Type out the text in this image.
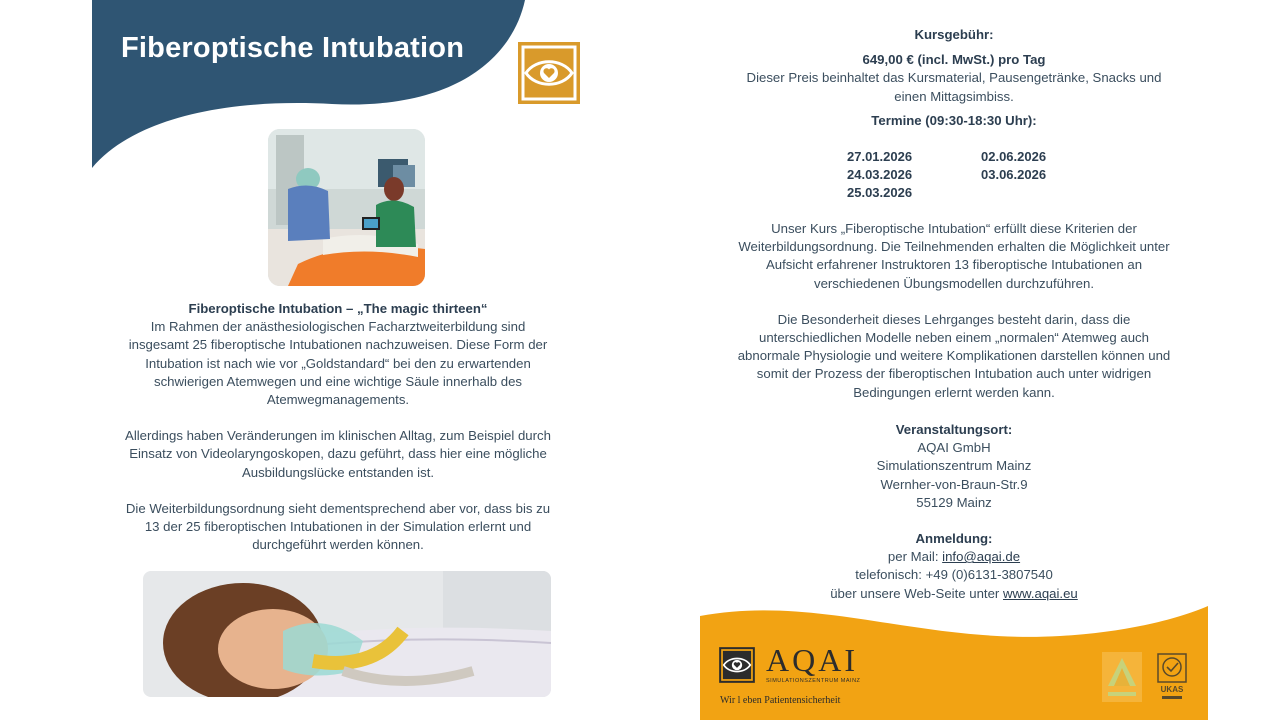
Fiberoptische Intubation

Fiberoptische Intubation – „The magic thirteen“
Im Rahmen der anästhesiologischen Facharztweiterbildung sind insgesamt 25 fiberoptische Intubationen nachzuweisen. Diese Form der Intubation ist nach wie vor „Goldstandard“ bei den zu erwartenden schwierigen Atemwegen und eine wichtige Säule innerhalb des Atemwegmanagements.

Allerdings haben Veränderungen im klinischen Alltag, zum Beispiel durch Einsatz von Videolaryngoskopen, dazu geführt, dass hier eine mögliche Ausbildungslücke entstanden ist.

Die Weiterbildungsordnung sieht dementsprechend aber vor, dass bis zu 13 der 25 fiberoptischen Intubationen in der Simulation erlernt und durchgeführt werden können.

Kursgebühr:
649,00 € (incl. MwSt.) pro Tag
Dieser Preis beinhaltet das Kursmaterial, Pausengetränke, Snacks und einen Mittagsimbiss.
Termine (09:30-18:30 Uhr):
27.01.2026
24.03.2026
25.03.2026
02.06.2026
03.06.2026

Unser Kurs „Fiberoptische Intubation“ erfüllt diese Kriterien der Weiterbildungsordnung. Die Teilnehmenden erhalten die Möglichkeit unter Aufsicht erfahrener Instruktoren 13 fiberoptische Intubationen an verschiedenen Übungsmodellen durchzuführen.

Die Besonderheit dieses Lehrganges besteht darin, dass die unterschiedlichen Modelle neben einem „normalen“ Atemweg auch abnormale Physiologie und weitere Komplikationen darstellen können und somit der Prozess der fiberoptischen Intubation auch unter widrigen Bedingungen erlernt werden kann.

Veranstaltungsort:
AQAI GmbH
Simulationszentrum Mainz
Wernher-von-Braun-Str.9
55129 Mainz
Anmeldung:
per Mail: info@aqai.de
telefonisch: +49 (0)6131-3807540
über unsere Web-Seite unter www.aqai.eu
AQAI
SIMULATIONSZENTRUM MAINZ
Wir l eben Patientensicherheit
UKAS
